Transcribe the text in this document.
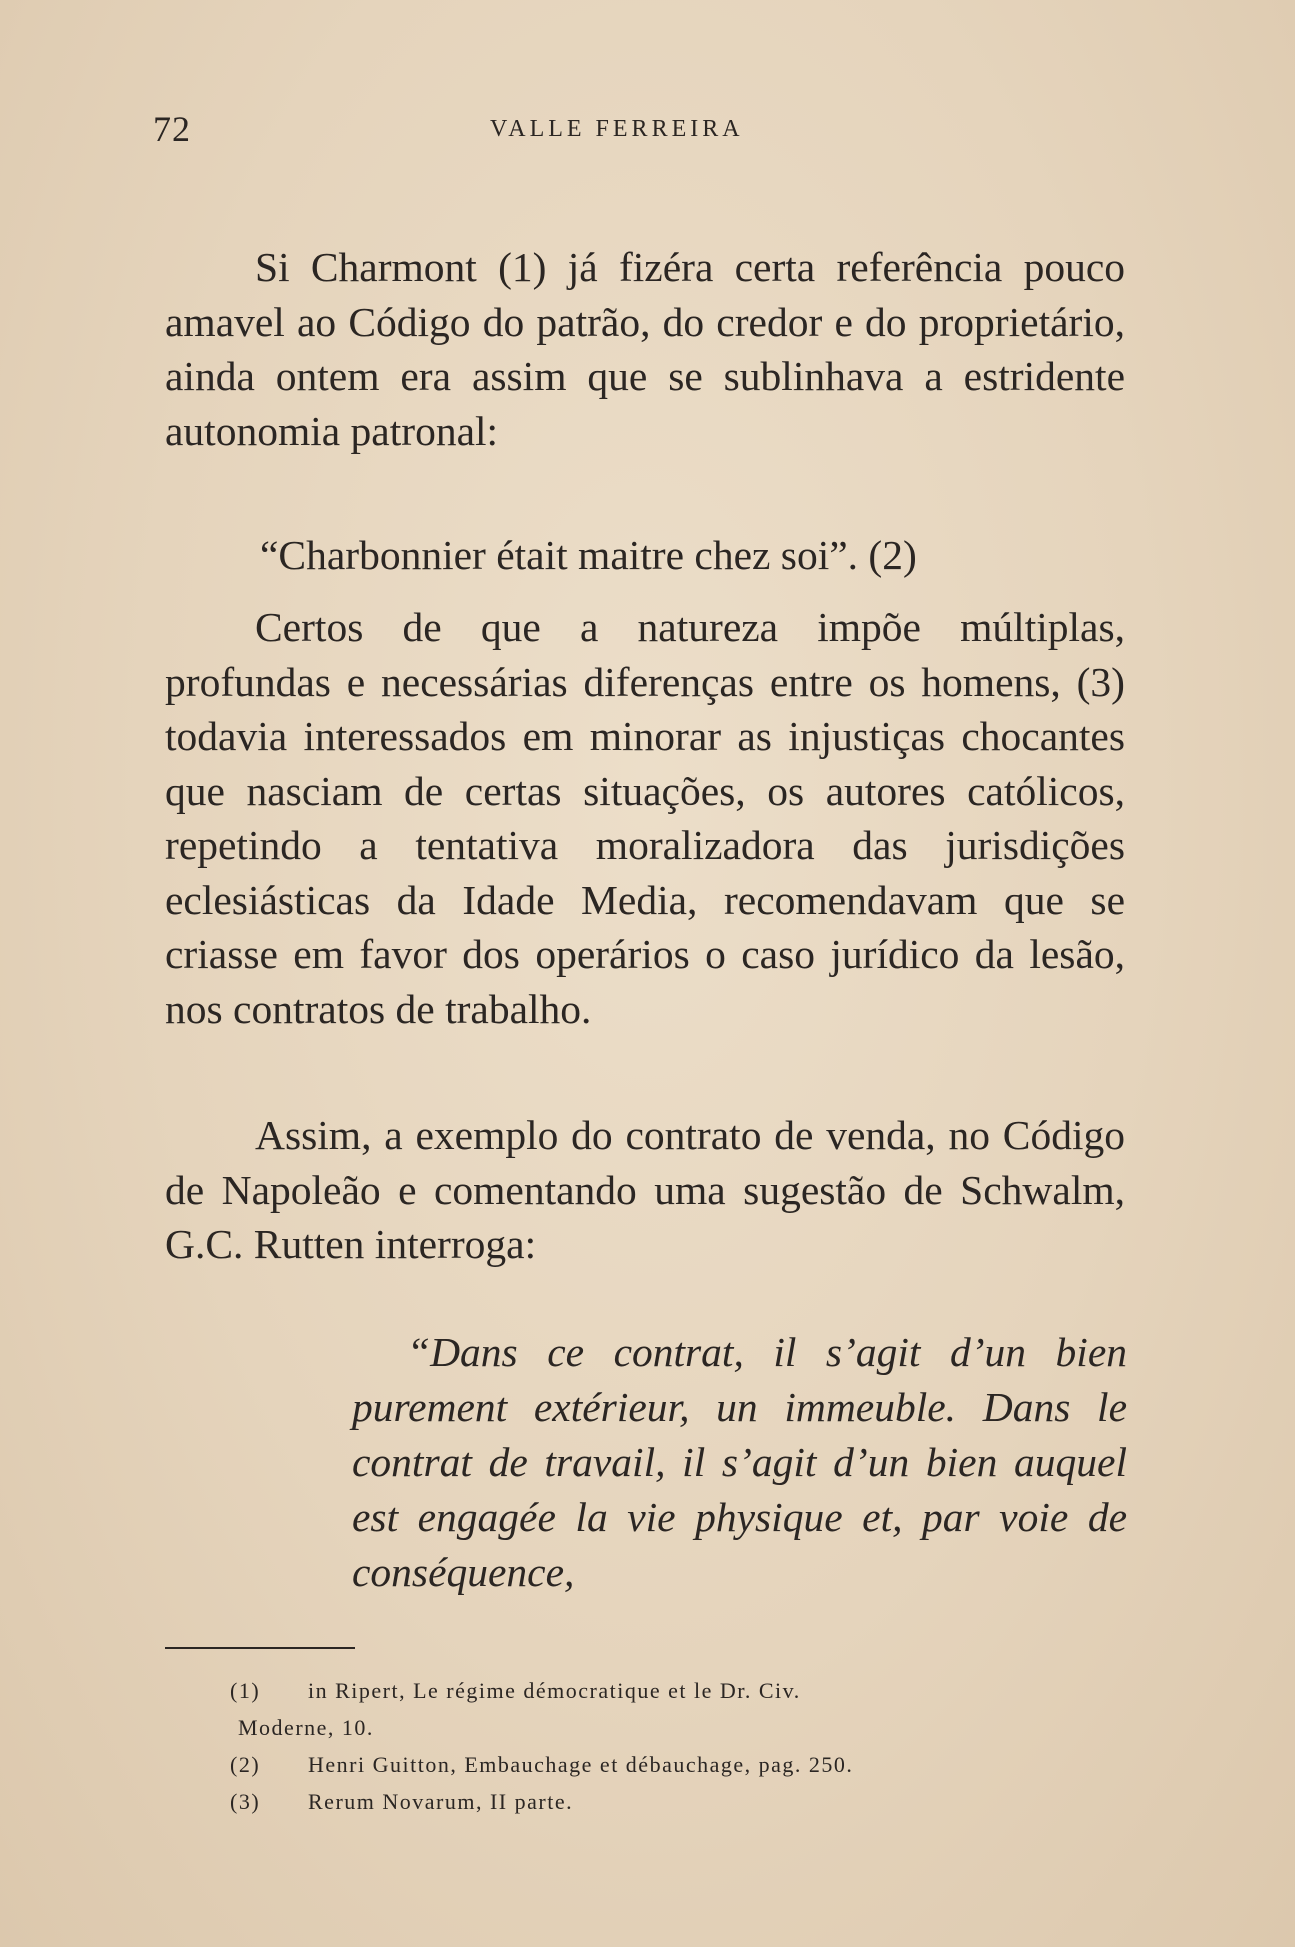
72	VALLE FERREIRA

Si Charmont (1) já fizéra certa referência pouco amavel ao Código do patrão, do credor e do proprietário, ainda ontem era assim que se sublinhava a estridente autonomia patronal:

“Charbonnier était maitre chez soi”. (2)

Certos de que a natureza impõe múltiplas, profundas e necessárias diferenças entre os homens, (3) todavia interessados em minorar as injustiças chocantes que nasciam de certas situações, os autores católicos, repetindo a tentativa moralizadora das jurisdições eclesiásticas da Idade Media, recomendavam que se criasse em favor dos operários o caso jurídico da lesão, nos contratos de trabalho.

Assim, a exemplo do contrato de venda, no Código de Napoleão e comentando uma sugestão de Schwalm, G.C. Rutten interroga:

“Dans ce contrat, il s’agit d’un bien purement extérieur, un immeuble. Dans le contrat de travail, il s’agit d’un bien auquel est engagée la vie physique et, par voie de conséquence,

(1) in Ripert, Le régime démocratique et le Dr. Civ.
Moderne, 10.
(2) Henri Guitton, Embauchage et débauchage, pag. 250.
(3) Rerum Novarum, II parte.
